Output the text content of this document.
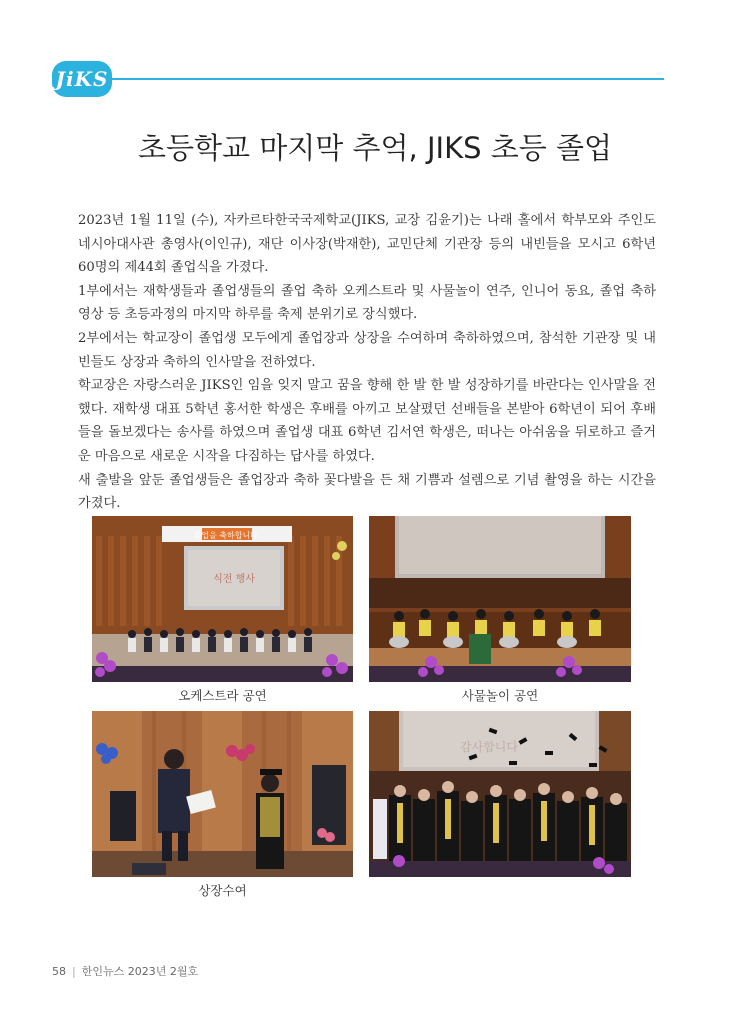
JiKS
초등학교 마지막 추억, JIKS 초등 졸업

2023년 1월 11일 (수), 자카르타한국국제학교(JIKS, 교장 김윤기)는 나래 홀에서 학부모와 주인도네시아대사관 총영사(이인규), 재단 이사장(박재한), 교민단체 기관장 등의 내빈들을 모시고 6학년 60명의 제44회 졸업식을 가졌다.

1부에서는 재학생들과 졸업생들의 졸업 축하 오케스트라 및 사물놀이 연주, 인니어 동요, 졸업 축하 영상 등 초등과정의 마지막 하루를 축제 분위기로 장식했다.

2부에서는 학교장이 졸업생 모두에게 졸업장과 상장을 수여하며 축하하였으며, 참석한 기관장 및 내빈들도 상장과 축하의 인사말을 전하였다.

학교장은 자랑스러운 JIKS인 임을 잊지 말고 꿈을 향해 한 발 한 발 성장하기를 바란다는 인사말을 전했다. 재학생 대표 5학년 홍서한 학생은 후배를 아끼고 보살폈던 선배들을 본받아 6학년이 되어 후배들을 돌보겠다는 송사를 하였으며 졸업생 대표 6학년 김서연 학생은, 떠나는 아쉬움을 뒤로하고 즐거운 마음으로 새로운 시작을 다짐하는 답사를 하였다.

새 출발을 앞둔 졸업생들은 졸업장과 축하 꽃다발을 든 채 기쁨과 설렘으로 기념 촬영을 하는 시간을 가졌다.

졸업을 축하합니다.
식전 행사
오케스트라 공연	사물놀이 공연
상장수여
감사합니다
58 | 한인뉴스 2023년 2월호
